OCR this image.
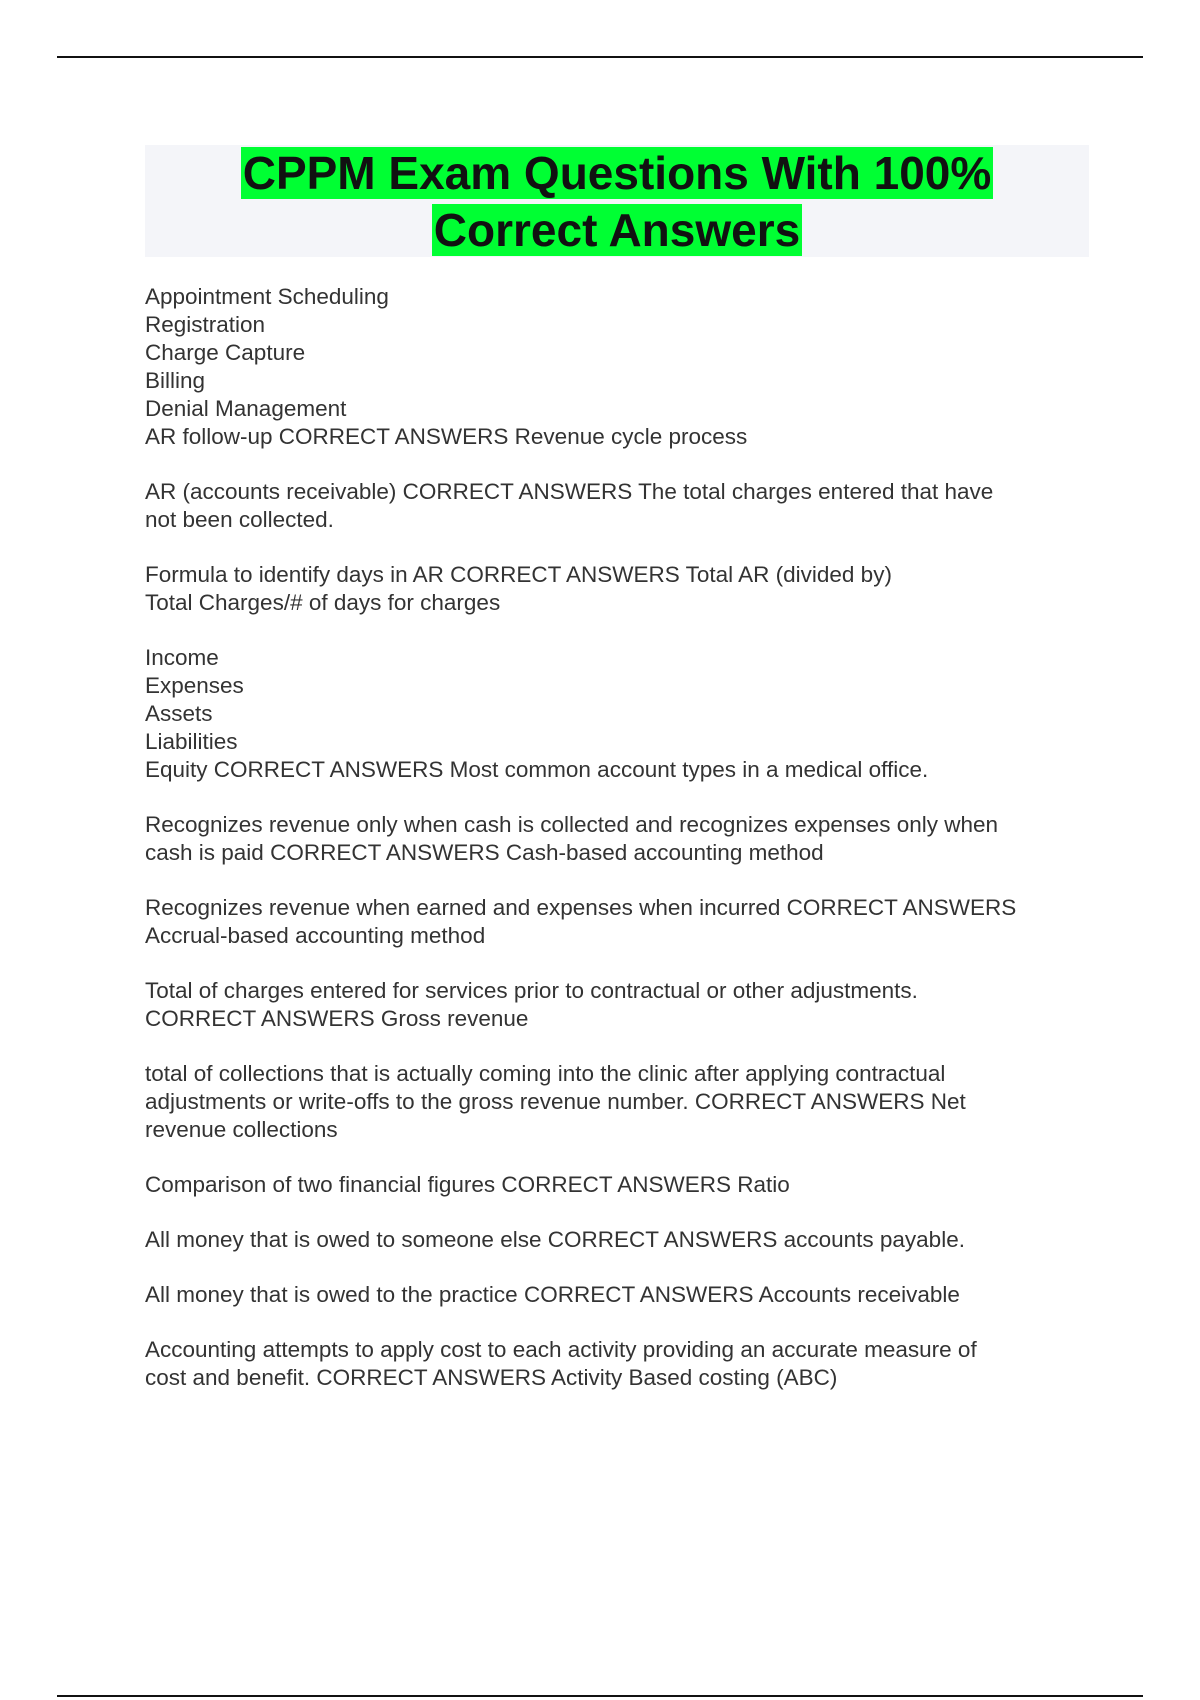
CPPM Exam Questions With 100%
Correct Answers
Appointment Scheduling
Registration
Charge Capture
Billing
Denial Management
AR follow-up CORRECT ANSWERS Revenue cycle process
AR (accounts receivable) CORRECT ANSWERS The total charges entered that have
not been collected.
Formula to identify days in AR CORRECT ANSWERS Total AR (divided by)
Total Charges/# of days for charges
Income
Expenses
Assets
Liabilities
Equity CORRECT ANSWERS Most common account types in a medical office.
Recognizes revenue only when cash is collected and recognizes expenses only when
cash is paid CORRECT ANSWERS Cash-based accounting method
Recognizes revenue when earned and expenses when incurred CORRECT ANSWERS
Accrual-based accounting method
Total of charges entered for services prior to contractual or other adjustments.
CORRECT ANSWERS Gross revenue
total of collections that is actually coming into the clinic after applying contractual
adjustments or write-offs to the gross revenue number. CORRECT ANSWERS Net
revenue collections
Comparison of two financial figures CORRECT ANSWERS Ratio
All money that is owed to someone else CORRECT ANSWERS accounts payable.
All money that is owed to the practice CORRECT ANSWERS Accounts receivable
Accounting attempts to apply cost to each activity providing an accurate measure of
cost and benefit. CORRECT ANSWERS Activity Based costing (ABC)
